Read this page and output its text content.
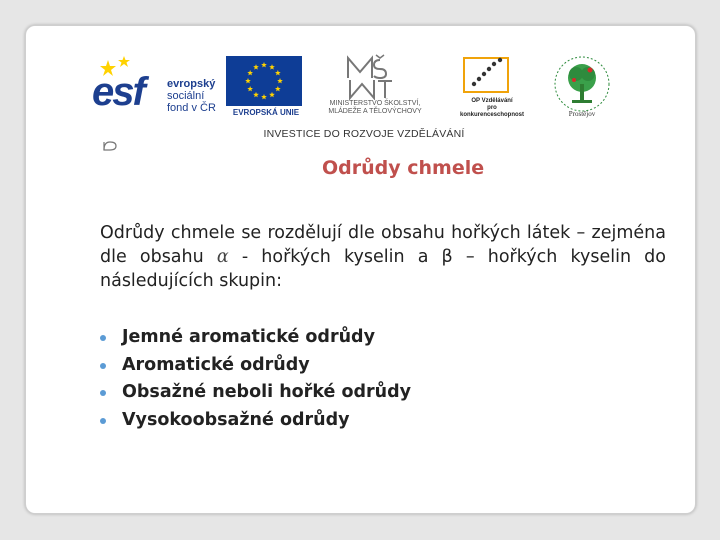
esf evropský
sociální
fond v ČR	EVROPSKÁ UNIE
MINISTERSTVO ŠKOLSTVÍ,
MLÁDEŽE A TĚLOVÝCHOVY
OP Vzdělávání
pro konkurenceschopnost	Prostějov
INVESTICE DO ROZVOJE VZDĚLÁVÁNÍ
Odrůdy chmele
Odrůdy chmele se rozdělují dle obsahu hořkých látek – zejména dle obsahu α - hořkých kyselin a β – hořkých kyselin do následujících skupin:
Jemné aromatické odrůdy
Aromatické odrůdy
Obsažné neboli hořké odrůdy
Vysokoobsažné odrůdy
